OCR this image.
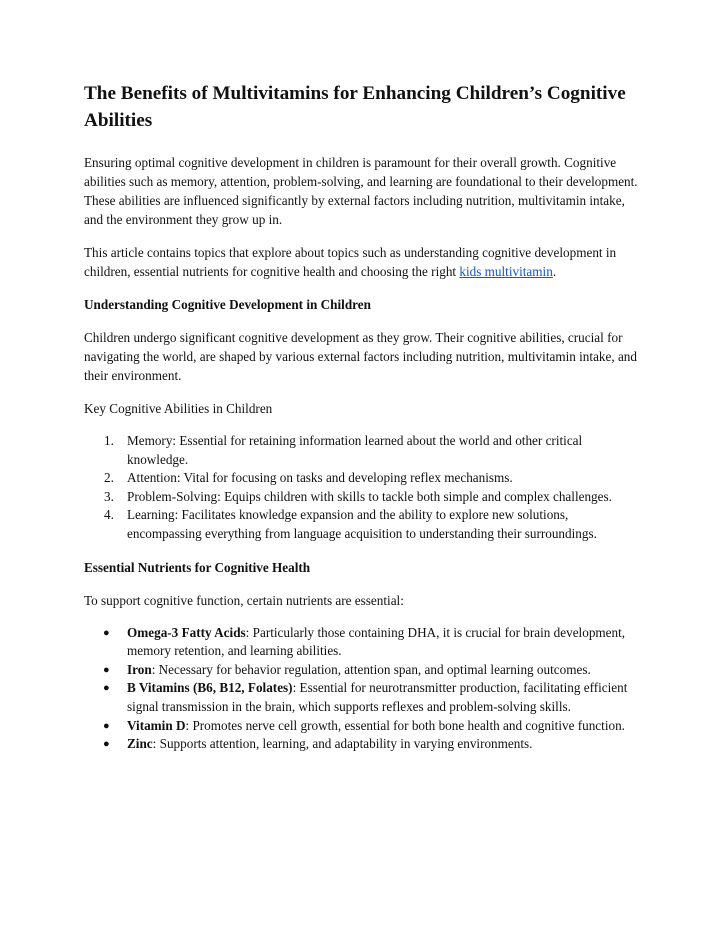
The Benefits of Multivitamins for Enhancing Children’s Cognitive Abilities

Ensuring optimal cognitive development in children is paramount for their overall growth. Cognitive abilities such as memory, attention, problem-solving, and learning are foundational to their development. These abilities are influenced significantly by external factors including nutrition, multivitamin intake, and the environment they grow up in.

This article contains topics that explore about topics such as understanding cognitive development in children, essential nutrients for cognitive health and choosing the right kids multivitamin.

Understanding Cognitive Development in Children

Children undergo significant cognitive development as they grow. Their cognitive abilities, crucial for navigating the world, are shaped by various external factors including nutrition, multivitamin intake, and their environment.

Key Cognitive Abilities in Children

1. Memory: Essential for retaining information learned about the world and other critical knowledge.
2. Attention: Vital for focusing on tasks and developing reflex mechanisms.
3. Problem-Solving: Equips children with skills to tackle both simple and complex challenges.
4. Learning: Facilitates knowledge expansion and the ability to explore new solutions, encompassing everything from language acquisition to understanding their surroundings.
Essential Nutrients for Cognitive Health

To support cognitive function, certain nutrients are essential:

● Omega-3 Fatty Acids: Particularly those containing DHA, it is crucial for brain development, memory retention, and learning abilities.
● Iron: Necessary for behavior regulation, attention span, and optimal learning outcomes.
● B Vitamins (B6, B12, Folates): Essential for neurotransmitter production, facilitating efficient signal transmission in the brain, which supports reflexes and problem-solving skills.
● Vitamin D: Promotes nerve cell growth, essential for both bone health and cognitive function.
● Zinc: Supports attention, learning, and adaptability in varying environments.
